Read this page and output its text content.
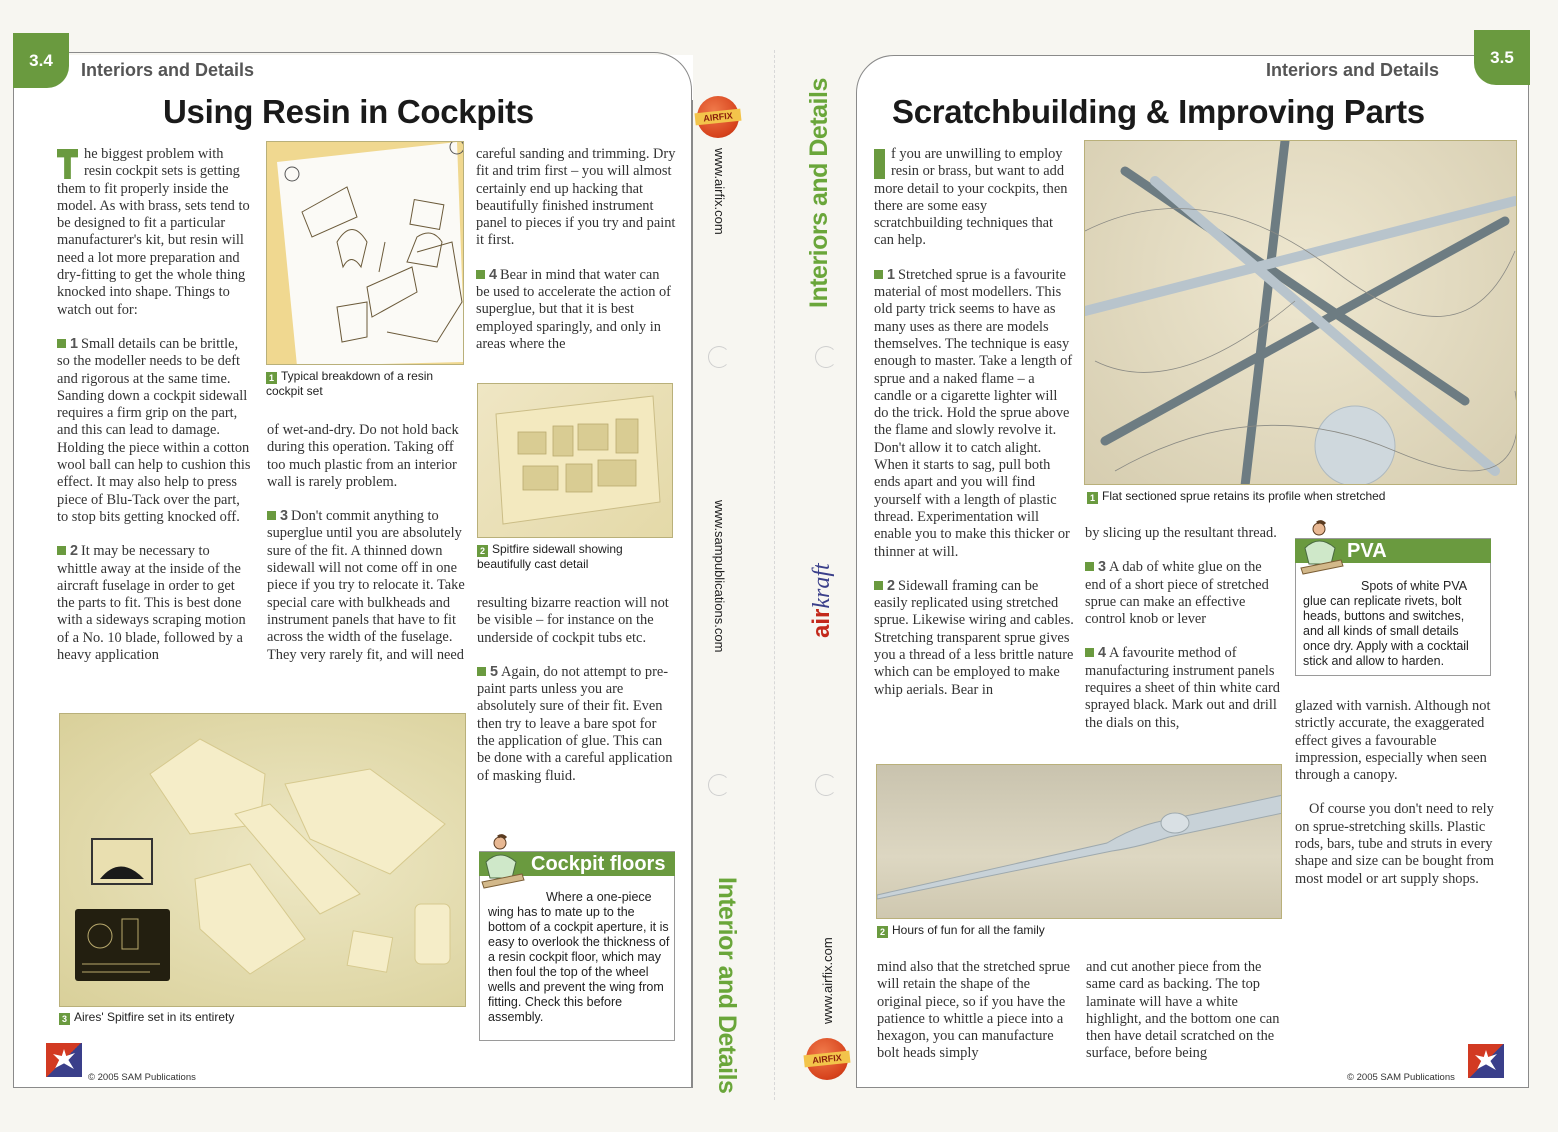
3.4	Interiors and Details
Using Resin in Cockpits

he biggest problem with resin cockpit sets is getting them to fit properly inside the model. As with brass, sets tend to be designed to fit a particular manufacturer's kit, but resin will need a lot more preparation and dry-fitting to get the whole thing knocked into shape. Things to watch out for:

1 Small details can be brittle, so the modeller needs to be deft and rigorous at the same time. Sanding down a cockpit sidewall requires a firm grip on the part, and this can lead to damage. Holding the piece within a cotton wool ball can help to cushion this effect. It may also help to press piece of Blu-Tack over the part, to stop bits getting knocked off.

2 It may be necessary to whittle away at the inside of the aircraft fuselage in order to get the parts to fit. This is best done with a sideways scraping motion of a No. 10 blade, followed by a heavy application

1 Typical breakdown of a resin cockpit set

of wet-and-dry. Do not hold back during this operation. Taking off too much plastic from an interior wall is rarely problem.

3 Don't commit anything to superglue until you are absolutely sure of the fit. A thinned down sidewall will not come off in one piece if you try to relocate it. Take special care with bulkheads and instrument panels that have to fit across the width of the fuselage. They very rarely fit, and will need

careful sanding and trimming. Dry fit and trim first – you will almost certainly end up hacking that beautifully finished instrument panel to pieces if you try and paint it first.

4 Bear in mind that water can be used to accelerate the action of superglue, but that it is best employed sparingly, and only in areas where the

2 Spitfire sidewall showing beautifully cast detail

resulting bizarre reaction will not be visible – for instance on the underside of cockpit tubs etc.

5 Again, do not attempt to pre-paint parts unless you are absolutely sure of their fit. Even then try to leave a bare spot for the application of glue. This can be done with a careful application of masking fluid.

3 Aires' Spitfire set in its entirety
Cockpit floors
Where a one-piece wing has to mate up to the bottom of a cockpit aperture, it is easy to overlook the thickness of a resin cockpit floor, which may then foul the top of the wheel wells and prevent the wing from fitting. Check this before assembly.
© 2005 SAM Publications
AIRFIX
www.airfix.com
www.sampublications.com
Interior and Details
Interiors and Details
airkraft
www.airfix.com
AIRFIX
3.5
Interiors and Details
Scratchbuilding & Improving Parts

f you are unwilling to employ resin or brass, but want to add more detail to your cockpits, then there are some easy scratchbuilding techniques that can help.

1 Stretched sprue is a favourite material of most modellers. This old party trick seems to have as many uses as there are models themselves. The technique is easy enough to master. Take a length of sprue and a naked flame – a candle or a cigarette lighter will do the trick. Hold the sprue above the flame and slowly revolve it. Don't allow it to catch alight. When it starts to sag, pull both ends apart and you will find yourself with a length of plastic thread. Experimentation will enable you to make this thicker or thinner at will.

2 Sidewall framing can be easily replicated using stretched sprue. Likewise wiring and cables. Stretching transparent sprue gives you a thread of a less brittle nature which can be employed to make whip aerials. Bear in

1 Flat sectioned sprue retains its profile when stretched

by slicing up the resultant thread.

3 A dab of white glue on the end of a short piece of stretched sprue can make an effective control knob or lever

4 A favourite method of manufacturing instrument panels requires a sheet of thin white card sprayed black. Mark out and drill the dials on this,

PVA
Spots of white PVA glue can replicate rivets, bolt heads, buttons and switches, and all kinds of small details once dry. Apply with a cocktail stick and allow to harden.

glazed with varnish. Although not strictly accurate, the exaggerated effect gives a favourable impression, especially when seen through a canopy.

Of course you don't need to rely on sprue-stretching skills. Plastic rods, bars, tube and struts in every shape and size can be bought from most model or art supply shops.

2 Hours of fun for all the family

mind also that the stretched sprue will retain the shape of the original piece, so if you have the patience to whittle a piece into a hexagon, you can manufacture bolt heads simply

and cut another piece from the same card as backing. The top laminate will have a white highlight, and the bottom one can then have detail scratched on the surface, before being

© 2005 SAM Publications
